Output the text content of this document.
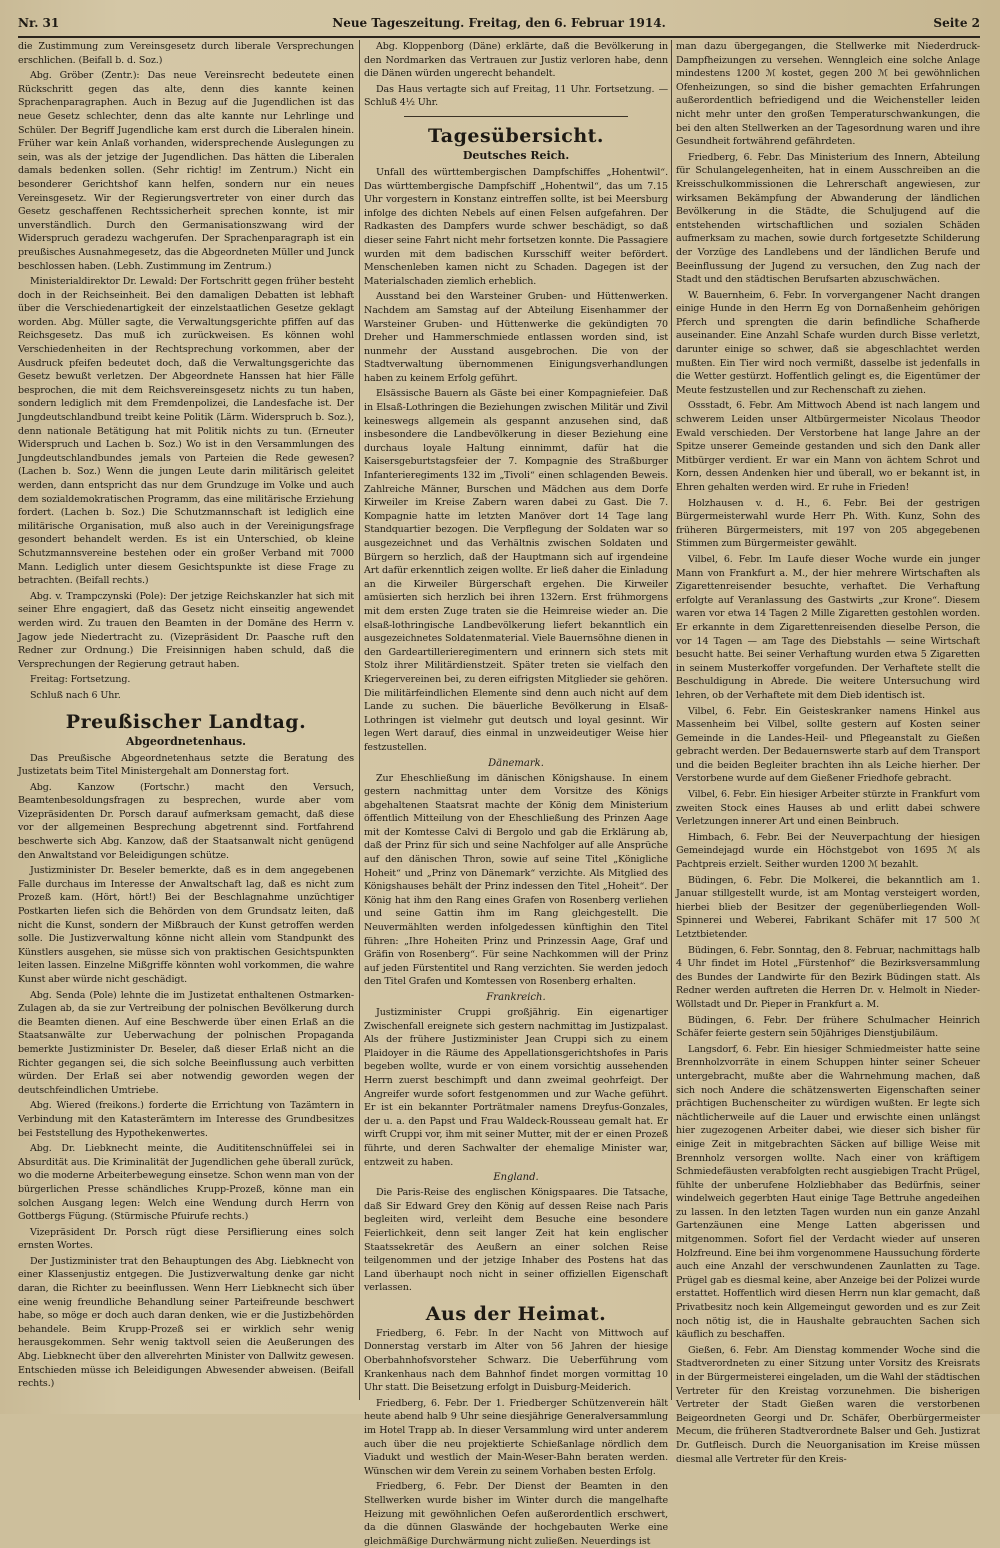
Nr. 31	Neue Tageszeitung. Freitag, den 6. Februar 1914.	Seite 2

die Zustimmung zum Vereinsgesetz durch liberale Versprechungen erschlichen. (Beifall b. d. Soz.)

Abg. Gröber (Zentr.): Das neue Vereinsrecht bedeutete einen Rückschritt gegen das alte, denn dies kannte keinen Sprachenparagraphen. Auch in Bezug auf die Jugendlichen ist das neue Gesetz schlechter, denn das alte kannte nur Lehrlinge und Schüler. Der Begriff Jugendliche kam erst durch die Liberalen hinein. Früher war kein Anlaß vorhanden, widersprechende Auslegungen zu sein, was als der jetzige der Jugendlichen. Das hätten die Liberalen damals bedenken sollen. (Sehr richtig! im Zentrum.) Nicht ein besonderer Gerichtshof kann helfen, sondern nur ein neues Vereinsgesetz. Wir der Regierungsvertreter von einer durch das Gesetz geschaffenen Rechtssicherheit sprechen konnte, ist mir unverständlich. Durch den Germanisationszwang wird der Widerspruch geradezu wachgerufen. Der Sprachenparagraph ist ein preußisches Ausnahmegesetz, das die Abgeordneten Müller und Junck beschlossen haben. (Lebh. Zustimmung im Zentrum.)

Ministerialdirektor Dr. Lewald: Der Fortschritt gegen früher besteht doch in der Reichseinheit. Bei den damaligen Debatten ist lebhaft über die Verschiedenartigkeit der einzelstaatlichen Gesetze geklagt worden. Abg. Müller sagte, die Verwaltungsgerichte pfiffen auf das Reichsgesetz. Das muß ich zurückweisen. Es können wohl Verschiedenheiten in der Rechtsprechung vorkommen, aber der Ausdruck pfeifen bedeutet doch, daß die Verwaltungsgerichte das Gesetz bewußt verletzen. Der Abgeordnete Hanssen hat hier Fälle besprochen, die mit dem Reichsvereinsgesetz nichts zu tun haben, sondern lediglich mit dem Fremdenpolizei, die Landesfache ist. Der Jungdeutschlandbund treibt keine Politik (Lärm. Widerspruch b. Soz.), denn nationale Betätigung hat mit Politik nichts zu tun. (Erneuter Widerspruch und Lachen b. Soz.) Wo ist in den Versammlungen des Jungdeutschlandbundes jemals von Parteien die Rede gewesen? (Lachen b. Soz.) Wenn die jungen Leute darin militärisch geleitet werden, dann entspricht das nur dem Grundzuge im Volke und auch dem sozialdemokratischen Programm, das eine militärische Erziehung fordert. (Lachen b. Soz.) Die Schutzmannschaft ist lediglich eine militärische Organisation, muß also auch in der Vereinigungsfrage gesondert behandelt werden. Es ist ein Unterschied, ob kleine Schutzmannsvereine bestehen oder ein großer Verband mit 7000 Mann. Lediglich unter diesem Gesichtspunkte ist diese Frage zu betrachten. (Beifall rechts.)

Abg. v. Trampczynski (Pole): Der jetzige Reichskanzler hat sich mit seiner Ehre engagiert, daß das Gesetz nicht einseitig angewendet werden wird. Zu trauen den Beamten in der Domäne des Herrn v. Jagow jede Niedertracht zu. (Vizepräsident Dr. Paasche ruft den Redner zur Ordnung.) Die Freisinnigen haben schuld, daß die Versprechungen der Regierung getraut haben.

Freitag: Fortsetzung.

Schluß nach 6 Uhr.

Preußischer Landtag.
Abgeordnetenhaus.

Das Preußische Abgeordnetenhaus setzte die Beratung des Justizetats beim Titel Ministergehalt am Donnerstag fort.

Abg. Kanzow (Fortschr.) macht den Versuch, Beamtenbesoldungsfragen zu besprechen, wurde aber vom Vizepräsidenten Dr. Porsch darauf aufmerksam gemacht, daß diese vor der allgemeinen Besprechung abgetrennt sind. Fortfahrend beschwerte sich Abg. Kanzow, daß der Staatsanwalt nicht genügend den Anwaltstand vor Beleidigungen schütze.

Justizminister Dr. Beseler bemerkte, daß es in dem angegebenen Falle durchaus im Interesse der Anwaltschaft lag, daß es nicht zum Prozeß kam. (Hört, hört!) Bei der Beschlagnahme unzüchtiger Postkarten liefen sich die Behörden von dem Grundsatz leiten, daß nicht die Kunst, sondern der Mißbrauch der Kunst getroffen werden solle. Die Justizverwaltung könne nicht allein vom Standpunkt des Künstlers ausgehen, sie müsse sich von praktischen Gesichtspunkten leiten lassen. Einzelne Mißgriffe könnten wohl vorkommen, die wahre Kunst aber würde nicht geschädigt.

Abg. Senda (Pole) lehnte die im Justizetat enthaltenen Ostmarken-Zulagen ab, da sie zur Vertreibung der polnischen Bevölkerung durch die Beamten dienen. Auf eine Beschwerde über einen Erlaß an die Staatsanwälte zur Ueberwachung der polnischen Propaganda bemerkte Justizminister Dr. Beseler, daß dieser Erlaß nicht an die Richter gegangen sei, die sich solche Beeinflussung auch verbitten würden. Der Erlaß sei aber notwendig geworden wegen der deutschfeindlichen Umtriebe.

Abg. Wiered (freikons.) forderte die Errichtung von Tazämtern in Verbindung mit den Katasterämtern im Interesse des Grundbesitzes bei Feststellung des Hypothekenwertes.

Abg. Dr. Liebknecht meinte, die Audititenschnüffelei sei in Absurdität aus. Die Kriminalität der Jugendlichen gehe überall zurück, wo die moderne Arbeiterbewegung einsetze. Schon wenn man von der bürgerlichen Presse schändliches Krupp-Prozeß, könne man ein solchen Ausgang legen: Welch eine Wendung durch Herrn von Gottbergs Fügung. (Stürmische Pfuirufe rechts.)

Vizepräsident Dr. Porsch rügt diese Persiflierung eines solch ernsten Wortes.

Der Justizminister trat den Behauptungen des Abg. Liebknecht von einer Klassenjustiz entgegen. Die Justizverwaltung denke gar nicht daran, die Richter zu beeinflussen. Wenn Herr Liebknecht sich über eine wenig freundliche Behandlung seiner Parteifreunde beschwert habe, so möge er doch auch daran denken, wie er die Justizbehörden behandele. Beim Krupp-Prozeß sei er wirklich sehr wenig herausgekommen. Sehr wenig taktvoll seien die Aeußerungen des Abg. Liebknecht über den allverehrten Minister von Dallwitz gewesen. Entschieden müsse ich Beleidigungen Abwesender abweisen. (Beifall rechts.)

Abg. Kloppenborg (Däne) erklärte, daß die Bevölkerung in den Nordmarken das Vertrauen zur Justiz verloren habe, denn die Dänen würden ungerecht behandelt.

Das Haus vertagte sich auf Freitag, 11 Uhr. Fortsetzung. — Schluß 4½ Uhr.

Tagesübersicht.
Deutsches Reich.

Unfall des württembergischen Dampfschiffes „Hohentwil“. Das württembergische Dampfschiff „Hohentwil“, das um 7.15 Uhr vorgestern in Konstanz eintreffen sollte, ist bei Meersburg infolge des dichten Nebels auf einen Felsen aufgefahren. Der Radkasten des Dampfers wurde schwer beschädigt, so daß dieser seine Fahrt nicht mehr fortsetzen konnte. Die Passagiere wurden mit dem badischen Kursschiff weiter befördert. Menschenleben kamen nicht zu Schaden. Dagegen ist der Materialschaden ziemlich erheblich.

Ausstand bei den Warsteiner Gruben- und Hüttenwerken. Nachdem am Samstag auf der Abteilung Eisenhammer der Warsteiner Gruben- und Hüttenwerke die gekündigten 70 Dreher und Hammerschmiede entlassen worden sind, ist nunmehr der Ausstand ausgebrochen. Die von der Stadtverwaltung übernommenen Einigungsverhandlungen haben zu keinem Erfolg geführt.

Elsässische Bauern als Gäste bei einer Kompagniefeier. Daß in Elsaß-Lothringen die Beziehungen zwischen Militär und Zivil keineswegs allgemein als gespannt anzusehen sind, daß insbesondere die Landbevölkerung in dieser Beziehung eine durchaus loyale Haltung einnimmt, dafür hat die Kaisersgeburtstagsfeier der 7. Kompagnie des Straßburger Infanterieregiments 132 im „Tivoli“ einen schlagenden Beweis. Zahlreiche Männer, Burschen und Mädchen aus dem Dorfe Kirweiler im Kreise Zabern waren dabei zu Gast. Die 7. Kompagnie hatte im letzten Manöver dort 14 Tage lang Standquartier bezogen. Die Verpflegung der Soldaten war so ausgezeichnet und das Verhältnis zwischen Soldaten und Bürgern so herzlich, daß der Hauptmann sich auf irgendeine Art dafür erkenntlich zeigen wollte. Er ließ daher die Einladung an die Kirweiler Bürgerschaft ergehen. Die Kirweiler amüsierten sich herzlich bei ihren 132ern. Erst frühmorgens mit dem ersten Zuge traten sie die Heimreise wieder an. Die elsaß-lothringische Landbevölkerung liefert bekanntlich ein ausgezeichnetes Soldatenmaterial. Viele Bauernsöhne dienen in den Gardeartillerieregimentern und erinnern sich stets mit Stolz ihrer Militärdienstzeit. Später treten sie vielfach den Kriegervereinen bei, zu deren eifrigsten Mitglieder sie gehören. Die militärfeindlichen Elemente sind denn auch nicht auf dem Lande zu suchen. Die bäuerliche Bevölkerung in Elsaß-Lothringen ist vielmehr gut deutsch und loyal gesinnt. Wir legen Wert darauf, dies einmal in unzweideutiger Weise hier festzustellen.

Dänemark.

Zur Eheschließung im dänischen Königshause. In einem gestern nachmittag unter dem Vorsitze des Königs abgehaltenen Staatsrat machte der König dem Ministerium öffentlich Mitteilung von der Eheschließung des Prinzen Aage mit der Komtesse Calvi di Bergolo und gab die Erklärung ab, daß der Prinz für sich und seine Nachfolger auf alle Ansprüche auf den dänischen Thron, sowie auf seine Titel „Königliche Hoheit“ und „Prinz von Dänemark“ verzichte. Als Mitglied des Königshauses behält der Prinz indessen den Titel „Hoheit“. Der König hat ihm den Rang eines Grafen von Rosenberg verliehen und seine Gattin ihm im Rang gleichgestellt. Die Neuvermählten werden infolgedessen künftighin den Titel führen: „Ihre Hoheiten Prinz und Prinzessin Aage, Graf und Gräfin von Rosenberg“. Für seine Nachkommen will der Prinz auf jeden Fürstentitel und Rang verzichten. Sie werden jedoch den Titel Grafen und Komtessen von Rosenberg erhalten.

Frankreich.

Justizminister Cruppi großjährig. Ein eigenartiger Zwischenfall ereignete sich gestern nachmittag im Justizpalast. Als der frühere Justizminister Jean Cruppi sich zu einem Plaidoyer in die Räume des Appellationsgerichtshofes in Paris begeben wollte, wurde er von einem vorsichtig aussehenden Herrn zuerst beschimpft und dann zweimal geohrfeigt. Der Angreifer wurde sofort festgenommen und zur Wache geführt. Er ist ein bekannter Porträtmaler namens Dreyfus-Gonzales, der u. a. den Papst und Frau Waldeck-Rousseau gemalt hat. Er wirft Cruppi vor, ihm mit seiner Mutter, mit der er einen Prozeß führte, und deren Sachwalter der ehemalige Minister war, entzweit zu haben.

England.

Die Paris-Reise des englischen Königspaares. Die Tatsache, daß Sir Edward Grey den König auf dessen Reise nach Paris begleiten wird, verleiht dem Besuche eine besondere Feierlichkeit, denn seit langer Zeit hat kein englischer Staatssekretär des Aeußern an einer solchen Reise teilgenommen und der jetzige Inhaber des Postens hat das Land überhaupt noch nicht in seiner offiziellen Eigenschaft verlassen.

Aus der Heimat.

Friedberg, 6. Febr. In der Nacht von Mittwoch auf Donnerstag verstarb im Alter von 56 Jahren der hiesige Oberbahnhofsvorsteher Schwarz. Die Ueberführung vom Krankenhaus nach dem Bahnhof findet morgen vormittag 10 Uhr statt. Die Beisetzung erfolgt in Duisburg-Meiderich.

Friedberg, 6. Febr. Der 1. Friedberger Schützenverein hält heute abend halb 9 Uhr seine diesjährige Generalversammlung im Hotel Trapp ab. In dieser Versammlung wird unter anderem auch über die neu projektierte Schießanlage nördlich dem Viadukt und westlich der Main-Weser-Bahn beraten werden. Wünschen wir dem Verein zu seinem Vorhaben besten Erfolg.

Friedberg, 6. Febr. Der Dienst der Beamten in den Stellwerken wurde bisher im Winter durch die mangelhafte Heizung mit gewöhnlichen Oefen außerordentlich erschwert, da die dünnen Glaswände der hochgebauten Werke eine gleichmäßige Durchwärmung nicht zuließen. Neuerdings ist

man dazu übergegangen, die Stellwerke mit Niederdruck-Dampfheizungen zu versehen. Wenngleich eine solche Anlage mindestens 1200 ℳ kostet, gegen 200 ℳ bei gewöhnlichen Ofenheizungen, so sind die bisher gemachten Erfahrungen außerordentlich befriedigend und die Weichensteller leiden nicht mehr unter den großen Temperaturschwankungen, die bei den alten Stellwerken an der Tagesordnung waren und ihre Gesundheit fortwährend gefährdeten.

Friedberg, 6. Febr. Das Ministerium des Innern, Abteilung für Schulangelegenheiten, hat in einem Ausschreiben an die Kreisschulkommissionen die Lehrerschaft angewiesen, zur wirksamen Bekämpfung der Abwanderung der ländlichen Bevölkerung in die Städte, die Schuljugend auf die entstehenden wirtschaftlichen und sozialen Schäden aufmerksam zu machen, sowie durch fortgesetzte Schilderung der Vorzüge des Landlebens und der ländlichen Berufe und Beeinflussung der Jugend zu versuchen, den Zug nach der Stadt und den städtischen Berufsarten abzuschwächen.

W. Bauernheim, 6. Febr. In vorvergangener Nacht drangen einige Hunde in den Herrn Eg von Dornaßenheim gehörigen Pferch und sprengten die darin befindliche Schafherde auseinander. Eine Anzahl Schafe wurden durch Bisse verletzt, darunter einige so schwer, daß sie abgeschlachtet werden mußten. Ein Tier wird noch vermißt, dasselbe ist jedenfalls in die Wetter gestürzt. Hoffentlich gelingt es, die Eigentümer der Meute festzustellen und zur Rechenschaft zu ziehen.

Ossstadt, 6. Febr. Am Mittwoch Abend ist nach langem und schwerem Leiden unser Altbürgermeister Nicolaus Theodor Ewald verschieden. Der Verstorbene hat lange Jahre an der Spitze unserer Gemeinde gestanden und sich den Dank aller Mitbürger verdient. Er war ein Mann von ächtem Schrot und Korn, dessen Andenken hier und überall, wo er bekannt ist, in Ehren gehalten werden wird. Er ruhe in Frieden!

Holzhausen v. d. H., 6. Febr. Bei der gestrigen Bürgermeisterwahl wurde Herr Ph. With. Kunz, Sohn des früheren Bürgermeisters, mit 197 von 205 abgegebenen Stimmen zum Bürgermeister gewählt.

Vilbel, 6. Febr. Im Laufe dieser Woche wurde ein junger Mann von Frankfurt a. M., der hier mehrere Wirtschaften als Zigarettenreisender besuchte, verhaftet. Die Verhaftung erfolgte auf Veranlassung des Gastwirts „zur Krone“. Diesem waren vor etwa 14 Tagen 2 Mille Zigaretten gestohlen worden. Er erkannte in dem Zigarettenreisenden dieselbe Person, die vor 14 Tagen — am Tage des Diebstahls — seine Wirtschaft besucht hatte. Bei seiner Verhaftung wurden etwa 5 Zigaretten in seinem Musterkoffer vorgefunden. Der Verhaftete stellt die Beschuldigung in Abrede. Die weitere Untersuchung wird lehren, ob der Verhaftete mit dem Dieb identisch ist.

Vilbel, 6. Febr. Ein Geisteskranker namens Hinkel aus Massenheim bei Vilbel, sollte gestern auf Kosten seiner Gemeinde in die Landes-Heil- und Pflegeanstalt zu Gießen gebracht werden. Der Bedauernswerte starb auf dem Transport und die beiden Begleiter brachten ihn als Leiche hierher. Der Verstorbene wurde auf dem Gießener Friedhofe gebracht.

Vilbel, 6. Febr. Ein hiesiger Arbeiter stürzte in Frankfurt vom zweiten Stock eines Hauses ab und erlitt dabei schwere Verletzungen innerer Art und einen Beinbruch.

Himbach, 6. Febr. Bei der Neuverpachtung der hiesigen Gemeindejagd wurde ein Höchstgebot von 1695 ℳ als Pachtpreis erzielt. Seither wurden 1200 ℳ bezahlt.

Büdingen, 6. Febr. Die Molkerei, die bekanntlich am 1. Januar stillgestellt wurde, ist am Montag versteigert worden, hierbei blieb der Besitzer der gegenüberliegenden Woll-Spinnerei und Weberei, Fabrikant Schäfer mit 17 500 ℳ Letztbietender.

Büdingen, 6. Febr. Sonntag, den 8. Februar, nachmittags halb 4 Uhr findet im Hotel „Fürstenhof“ die Bezirksversammlung des Bundes der Landwirte für den Bezirk Büdingen statt. Als Redner werden auftreten die Herren Dr. v. Helmolt in Nieder-Wöllstadt und Dr. Pieper in Frankfurt a. M.

Büdingen, 6. Febr. Der frühere Schulmacher Heinrich Schäfer feierte gestern sein 50jähriges Dienstjubiläum.

Langsdorf, 6. Febr. Ein hiesiger Schmiedmeister hatte seine Brennholzvorräte in einem Schuppen hinter seiner Scheuer untergebracht, mußte aber die Wahrnehmung machen, daß sich noch Andere die schätzenswerten Eigenschaften seiner prächtigen Buchenscheiter zu würdigen wußten. Er legte sich nächtlicherweile auf die Lauer und erwischte einen unlängst hier zugezogenen Arbeiter dabei, wie dieser sich bisher für einige Zeit in mitgebrachten Säcken auf billige Weise mit Brennholz versorgen wollte. Nach einer von kräftigem Schmiedefäusten verabfolgten recht ausgiebigen Tracht Prügel, fühlte der unberufene Holzliebhaber das Bedürfnis, seiner windelweich gegerbten Haut einige Tage Bettruhe angedeihen zu lassen. In den letzten Tagen wurden nun ein ganze Anzahl Gartenzäunen eine Menge Latten abgerissen und mitgenommen. Sofort fiel der Verdacht wieder auf unseren Holzfreund. Eine bei ihm vorgenommene Haussuchung förderte auch eine Anzahl der verschwundenen Zaunlatten zu Tage. Prügel gab es diesmal keine, aber Anzeige bei der Polizei wurde erstattet. Hoffentlich wird diesen Herrn nun klar gemacht, daß Privatbesitz noch kein Allgemeingut geworden und es zur Zeit noch nötig ist, die in Haushalte gebrauchten Sachen sich käuflich zu beschaffen.

Gießen, 6. Febr. Am Dienstag kommender Woche sind die Stadtverordneten zu einer Sitzung unter Vorsitz des Kreisrats in der Bürgermeisterei eingeladen, um die Wahl der städtischen Vertreter für den Kreistag vorzunehmen. Die bisherigen Vertreter der Stadt Gießen waren die verstorbenen Beigeordneten Georgi und Dr. Schäfer, Oberbürgermeister Mecum, die früheren Stadtverordnete Balser und Geh. Justizrat Dr. Gutfleisch. Durch die Neuorganisation im Kreise müssen diesmal alle Vertreter für den Kreis-
